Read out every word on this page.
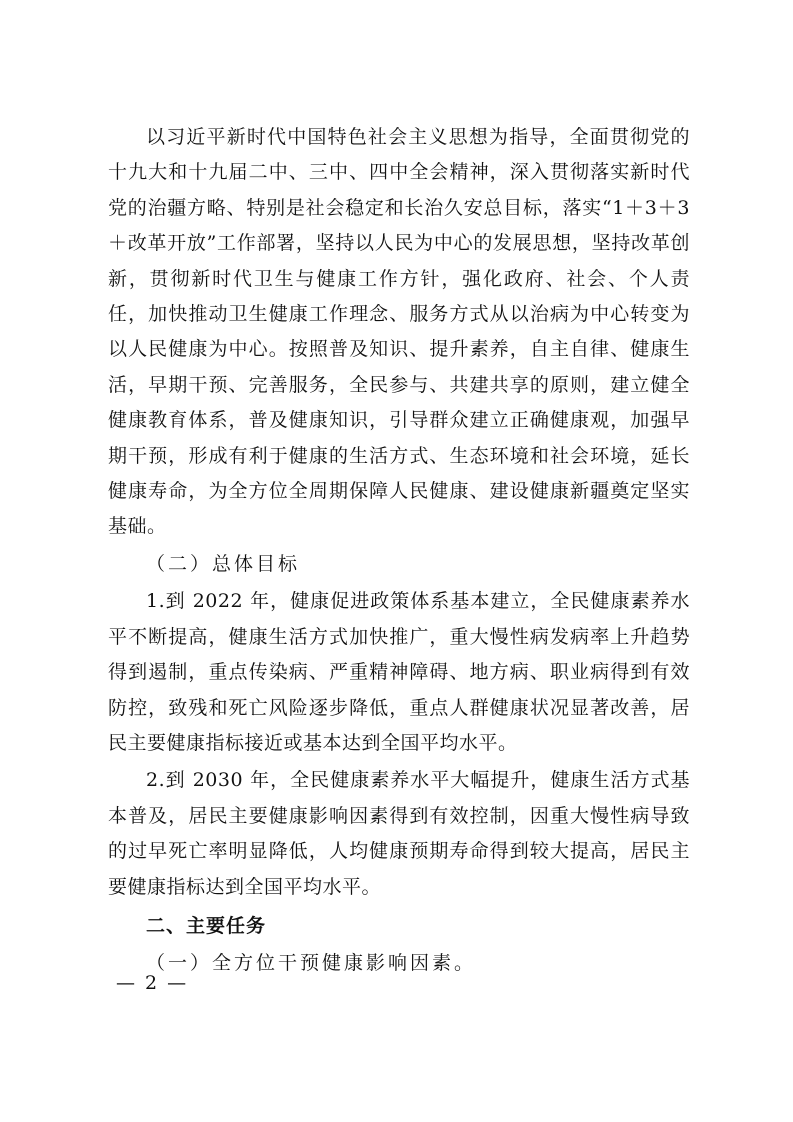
以习近平新时代中国特色社会主义思想为指导，全面贯彻党的十九大和十九届二中、三中、四中全会精神，深入贯彻落实新时代党的治疆方略、特别是社会稳定和长治久安总目标，落实“1＋3＋3＋改革开放”工作部署，坚持以人民为中心的发展思想，坚持改革创新，贯彻新时代卫生与健康工作方针，强化政府、社会、个人责任，加快推动卫生健康工作理念、服务方式从以治病为中心转变为以人民健康为中心。按照普及知识、提升素养，自主自律、健康生活，早期干预、完善服务，全民参与、共建共享的原则，建立健全健康教育体系，普及健康知识，引导群众建立正确健康观，加强早期干预，形成有利于健康的生活方式、生态环境和社会环境，延长健康寿命，为全方位全周期保障人民健康、建设健康新疆奠定坚实基础。

（二）总体目标

1.到 2022 年，健康促进政策体系基本建立，全民健康素养水平不断提高，健康生活方式加快推广，重大慢性病发病率上升趋势得到遏制，重点传染病、严重精神障碍、地方病、职业病得到有效防控，致残和死亡风险逐步降低，重点人群健康状况显著改善，居民主要健康指标接近或基本达到全国平均水平。

2.到 2030 年，全民健康素养水平大幅提升，健康生活方式基本普及，居民主要健康影响因素得到有效控制，因重大慢性病导致的过早死亡率明显降低，人均健康预期寿命得到较大提高，居民主要健康指标达到全国平均水平。

二、主要任务

（一）全方位干预健康影响因素。

— 2 —
